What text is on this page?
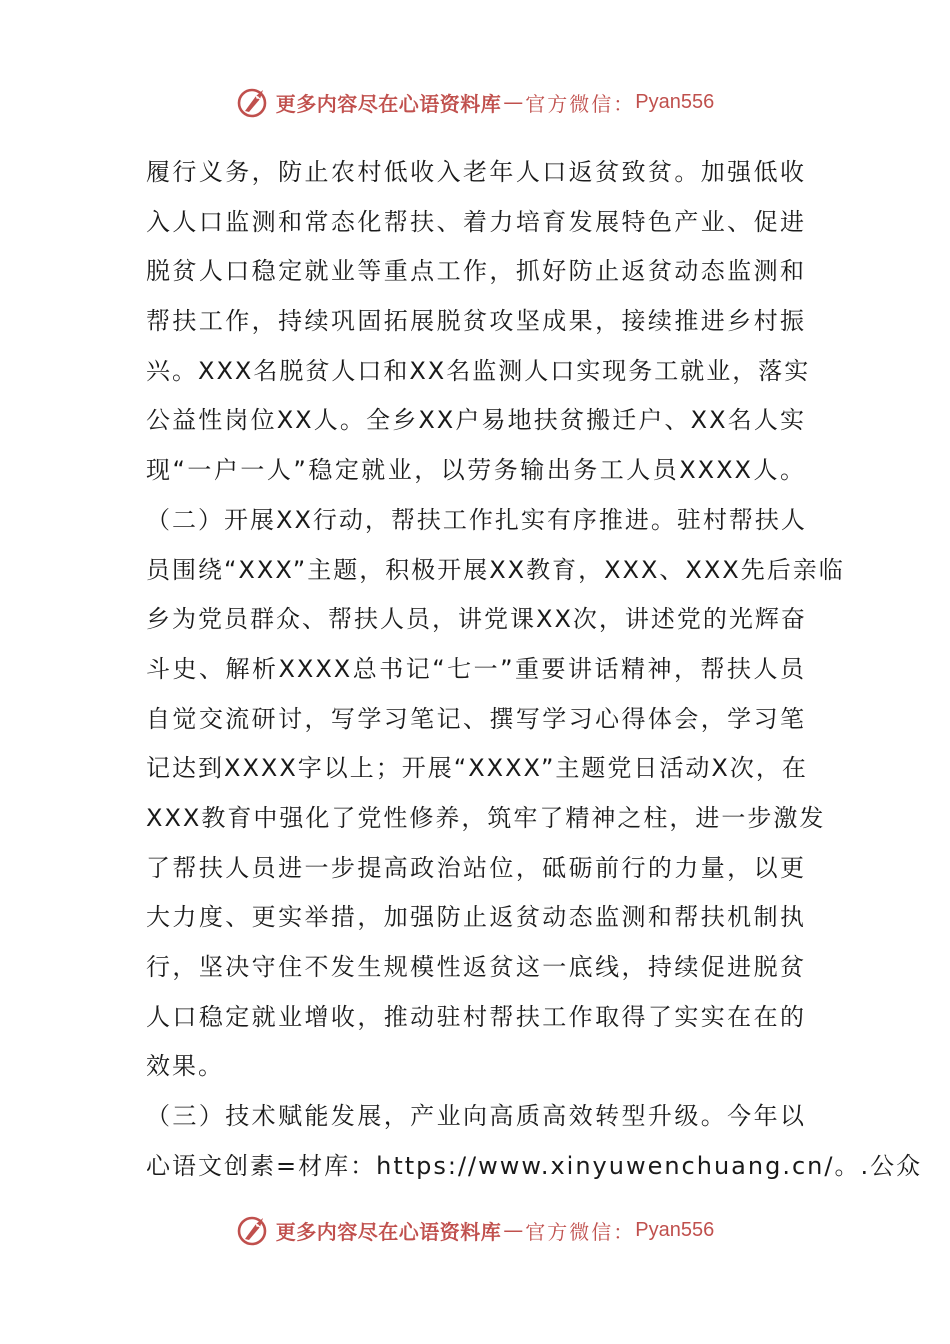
更多内容尽在心语资料库 — 官方微信： Pyan556
履行义务，防止农村低收入老年人口返贫致贫。加强低收
入人口监测和常态化帮扶、着力培育发展特色产业、促进
脱贫人口稳定就业等重点工作，抓好防止返贫动态监测和
帮扶工作，持续巩固拓展脱贫攻坚成果，接续推进乡村振
兴。XXX名脱贫人口和XX名监测人口实现务工就业，落实
公益性岗位XX人。全乡XX户易地扶贫搬迁户、XX名人实
现“一户一人”稳定就业，以劳务输出务工人员XXXX人。
（二）开展XX行动，帮扶工作扎实有序推进。驻村帮扶人
员围绕“XXX”主题，积极开展XX教育，XXX、XXX先后亲临
乡为党员群众、帮扶人员，讲党课XX次，讲述党的光辉奋
斗史、解析XXXX总书记“七一”重要讲话精神，帮扶人员
自觉交流研讨，写学习笔记、撰写学习心得体会，学习笔
记达到XXXX字以上；开展“XXXX”主题党日活动X次，在
XXX教育中强化了党性修养，筑牢了精神之柱，进一步激发
了帮扶人员进一步提高政治站位，砥砺前行的力量，以更
大力度、更实举措，加强防止返贫动态监测和帮扶机制执
行，坚决守住不发生规模性返贫这一底线，持续促进脱贫
人口稳定就业增收，推动驻村帮扶工作取得了实实在在的
效果。
（三）技术赋能发展，产业向高质高效转型升级。今年以
心语文创素=材库：https://www.xinyuwenchuang.cn/。.公众
更多内容尽在心语资料库 — 官方微信： Pyan556
